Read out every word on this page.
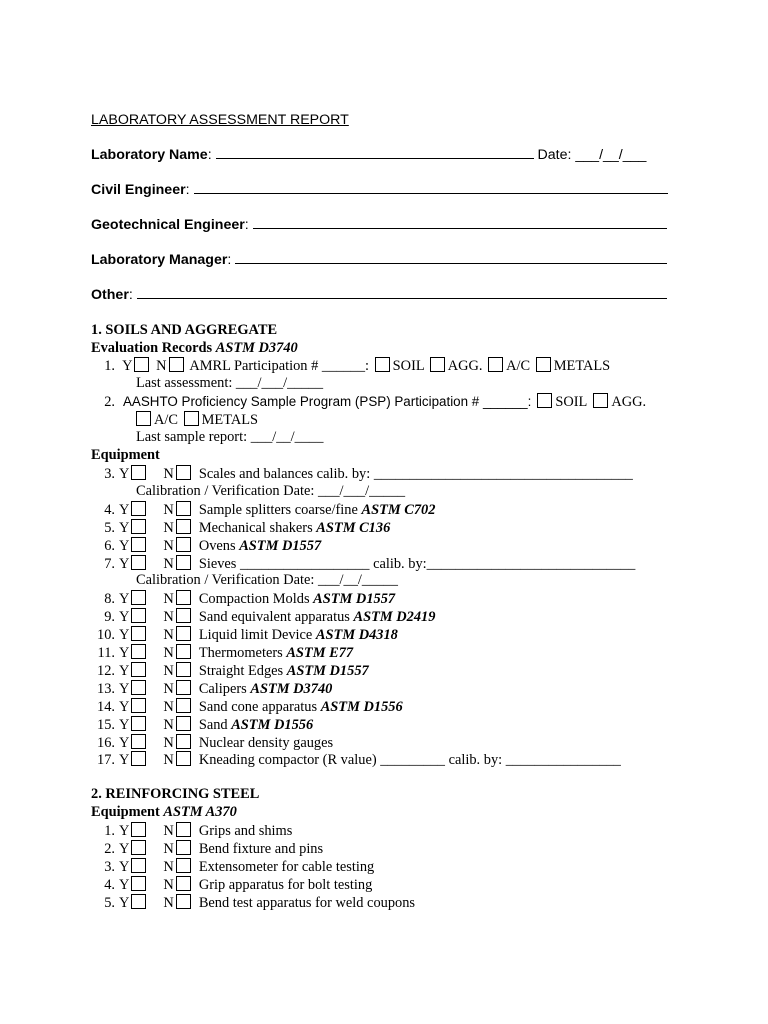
LABORATORY ASSESSMENT REPORT
Laboratory Name:	Date: ___/__/___
Civil Engineer:
Geotechnical Engineer:
Laboratory Manager:
Other:
1. SOILS AND AGGREGATE
Evaluation Records ASTM D3740
1. Y N AMRL Participation # ______: SOIL AGG. A/C METALS
Last assessment: ___/___/_____
2. AASHTO Proficiency Sample Program (PSP) Participation # ______: SOIL AGG.
A/C METALS
Last sample report: ___/__/____
Equipment
3. Y N Scales and balances calib. by: ____________________________________
Calibration / Verification Date: ___/___/_____
4. Y N Sample splitters coarse/fine ASTM C702
5. Y N Mechanical shakers ASTM C136
6. Y N Ovens ASTM D1557
7. Y N Sieves __________________ calib. by:_____________________________
Calibration / Verification Date: ___/__/_____
8. Y N Compaction Molds ASTM D1557
9. Y N Sand equivalent apparatus ASTM D2419
10. Y N Liquid limit Device ASTM D4318
11. Y N Thermometers ASTM E77
12. Y N Straight Edges ASTM D1557
13. Y N Calipers ASTM D3740
14. Y N Sand cone apparatus ASTM D1556
15. Y N Sand ASTM D1556
16. Y N Nuclear density gauges
17. Y N Kneading compactor (R value) _________ calib. by: ________________
2. REINFORCING STEEL
Equipment ASTM A370
1. Y N Grips and shims
2. Y N Bend fixture and pins
3. Y N Extensometer for cable testing
4. Y N Grip apparatus for bolt testing
5. Y N Bend test apparatus for weld coupons
